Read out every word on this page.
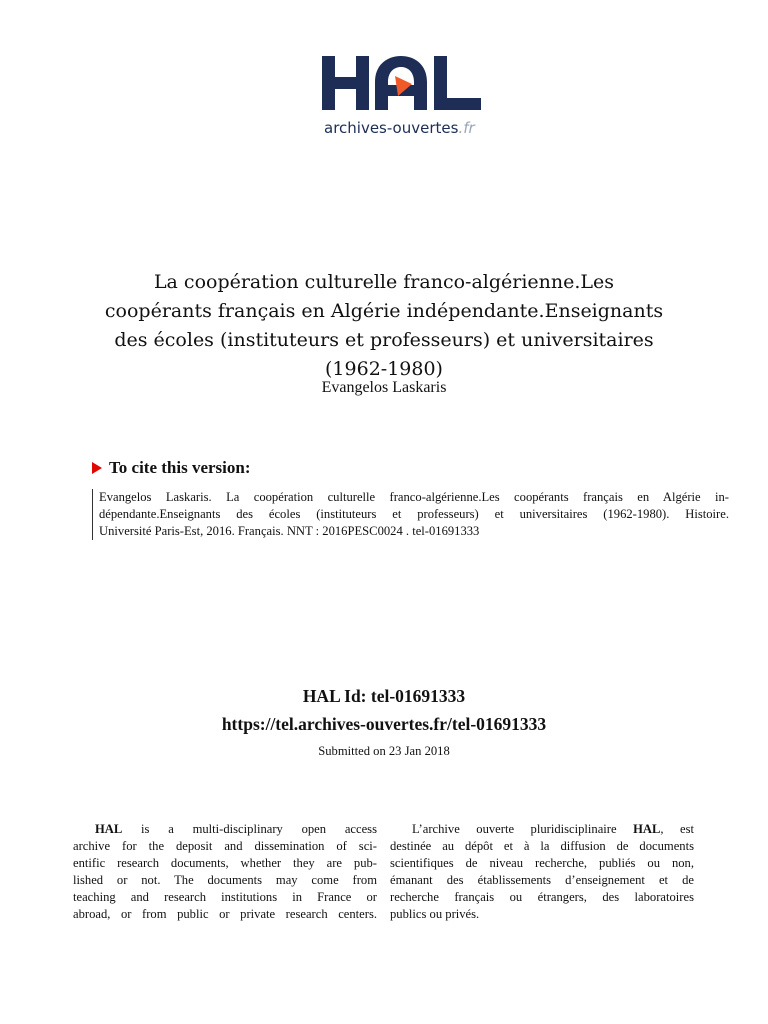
archives-ouvertes.fr
La coopération culturelle franco-algérienne.Les
coopérants français en Algérie indépendante.Enseignants
des écoles (instituteurs et professeurs) et universitaires
(1962-1980)
Evangelos Laskaris
To cite this version:
Evangelos Laskaris. La coopération culturelle franco-algérienne.Les coopérants français en Algérie in-
dépendante.Enseignants des écoles (instituteurs et professeurs) et universitaires (1962-1980). Histoire.
Université Paris-Est, 2016. Français. NNT : 2016PESC0024 . tel-01691333
HAL Id: tel-01691333
https://tel.archives-ouvertes.fr/tel-01691333
Submitted on 23 Jan 2018
HAL is a multi-disciplinary open access
archive for the deposit and dissemination of sci-
entific research documents, whether they are pub-
lished or not. The documents may come from
teaching and research institutions in France or
abroad, or from public or private research centers.
L’archive ouverte pluridisciplinaire HAL, est
destinée au dépôt et à la diffusion de documents
scientifiques de niveau recherche, publiés ou non,
émanant des établissements d’enseignement et de
recherche français ou étrangers, des laboratoires
publics ou privés.
